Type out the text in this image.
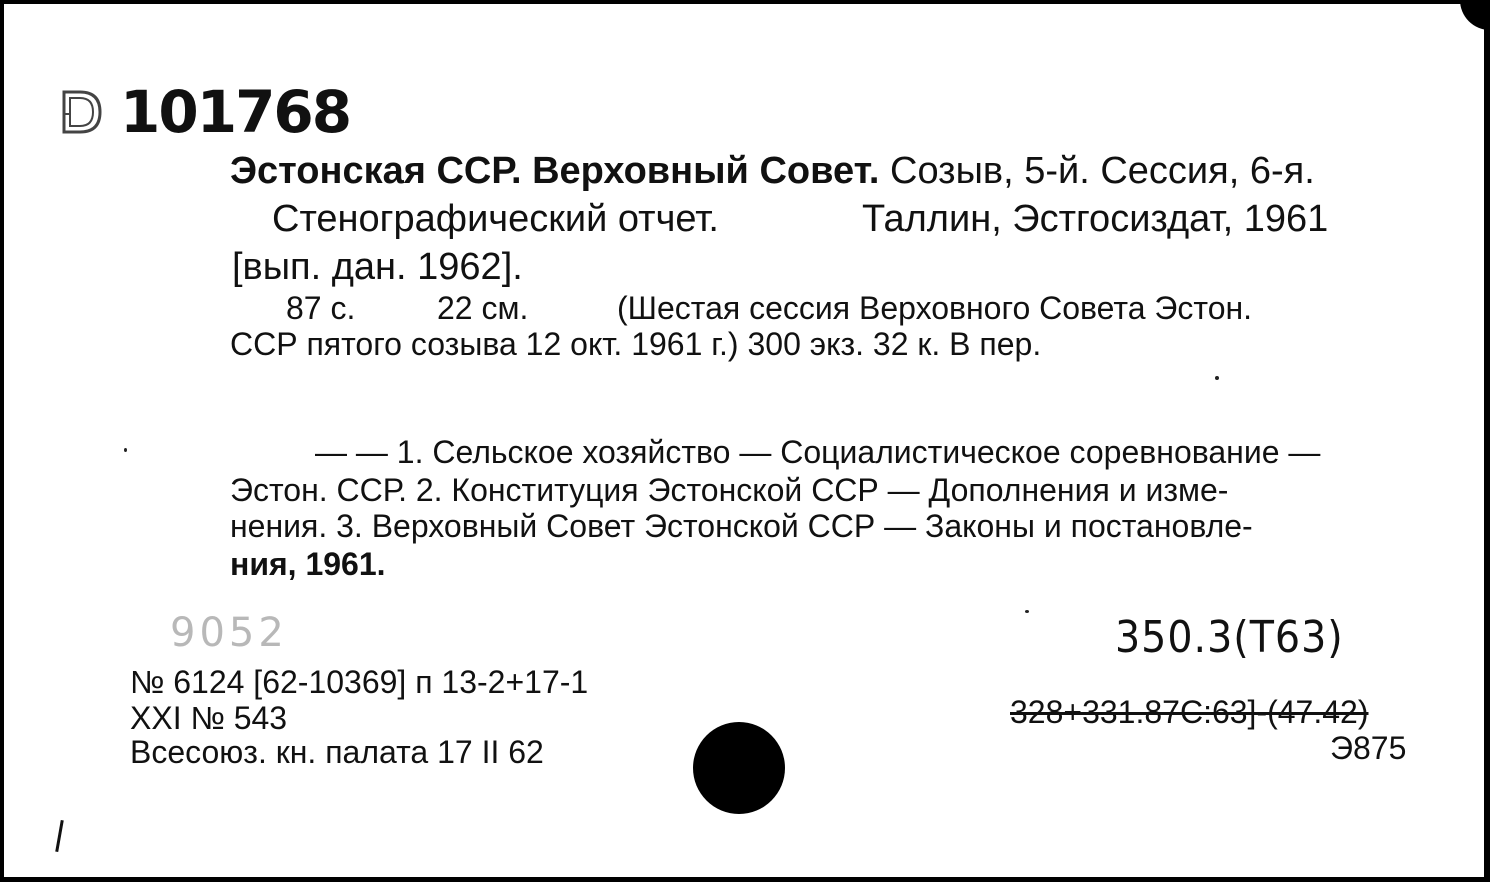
101768
Эстонская ССР. Верховный Совет. Созыв, 5-й. Сессия, 6-я.
Стенографический отчет.	Таллин, Эстгосиздат, 1961
[вып. дан. 1962].
87 с.	22 см.	(Шестая сессия Верховного Совета Эстон.
ССР пятого созыва 12 окт. 1961 г.) 300 экз. 32 к. В пер.
— — 1. Сельское хозяйство — Социалистическое соревнование —
Эстон. ССР. 2. Конституция Эстонской ССР — Дополнения и изме-
нения. 3. Верховный Совет Эстонской ССР — Законы и постановле-
ния, 1961.
9052
№ 6124 [62-10369] п 13-2+17-1
XXI № 543
Всесоюз. кн. палата 17 II 62
350.3(Т63)
328+331.87С:63]-(47.42)
Э875
